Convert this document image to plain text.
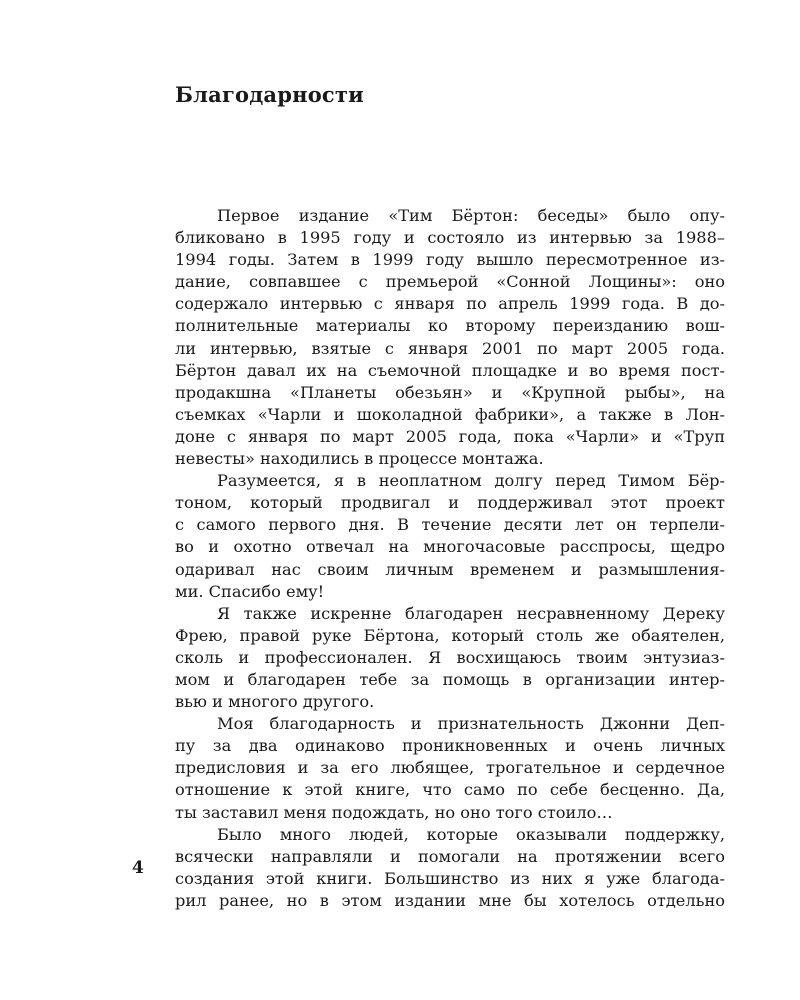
Благодарности
Первое издание «Тим Бёртон: беседы» было опу-
бликовано в 1995 году и состояло из интервью за 1988–
1994 годы. Затем в 1999 году вышло пересмотренное из-
дание, совпавшее с премьерой «Сонной Лощины»: оно
содержало интервью с января по апрель 1999 года. В до-
полнительные материалы ко второму переизданию вош-
ли интервью, взятые с января 2001 по март 2005 года.
Бёртон давал их на съемочной площадке и во время пост-
продакшна «Планеты обезьян» и «Крупной рыбы», на
съемках «Чарли и шоколадной фабрики», а также в Лон-
доне с января по март 2005 года, пока «Чарли» и «Труп
невесты» находились в процессе монтажа.
Разумеется, я в неоплатном долгу перед Тимом Бёр-
тоном, который продвигал и поддерживал этот проект
с самого первого дня. В течение десяти лет он терпели-
во и охотно отвечал на многочасовые расспросы, щедро
одаривал нас своим личным временем и размышления-
ми. Спасибо ему!
Я также искренне благодарен несравненному Дереку
Фрею, правой руке Бёртона, который столь же обаятелен,
сколь и профессионален. Я восхищаюсь твоим энтузиаз-
мом и благодарен тебе за помощь в организации интер-
вью и многого другого.
Моя благодарность и признательность Джонни Деп-
пу за два одинаково проникновенных и очень личных
предисловия и за его любящее, трогательное и сердечное
отношение к этой книге, что само по себе бесценно. Да,
ты заставил меня подождать, но оно того стоило…
Было много людей, которые оказывали поддержку,
всячески направляли и помогали на протяжении всего
создания этой книги. Большинство из них я уже благода-
рил ранее, но в этом издании мне бы хотелось отдельно
4
